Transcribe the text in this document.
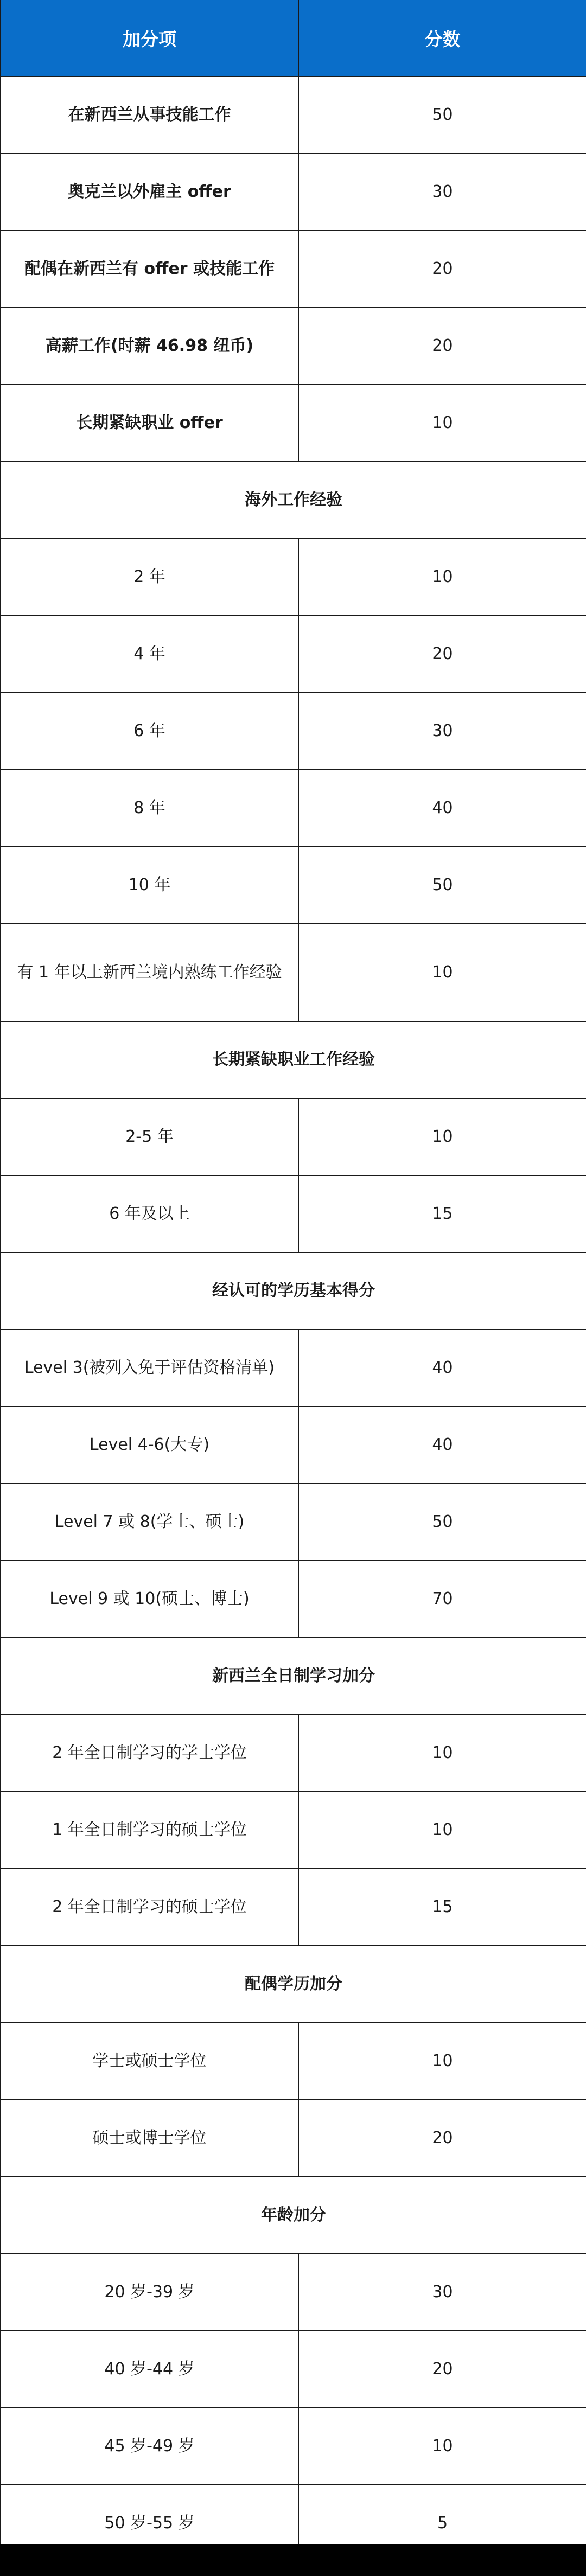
加分项	分数
在新西兰从事技能工作	50
奥克兰以外雇主 offer	30
配偶在新西兰有 offer 或技能工作	20
高薪工作(时薪 46.98 纽币)	20
长期紧缺职业 offer	10
海外工作经验	
2 年	10
4 年	20
6 年	30
8 年	40
10 年	50
有 1 年以上新西兰境内熟练工作经验	10
长期紧缺职业工作经验	
2-5 年	10
6 年及以上	15
经认可的学历基本得分	
Level 3(被列入免于评估资格清单)	40
Level 4-6(大专)	40
Level 7 或 8(学士、硕士)	50
Level 9 或 10(硕士、博士)	70
新西兰全日制学习加分	
2 年全日制学习的学士学位	10
1 年全日制学习的硕士学位	10
2 年全日制学习的硕士学位	15
配偶学历加分	
学士或硕士学位	10
硕士或博士学位	20
年龄加分	
20 岁-39 岁	30
40 岁-44 岁	20
45 岁-49 岁	10
50 岁-55 岁	5
